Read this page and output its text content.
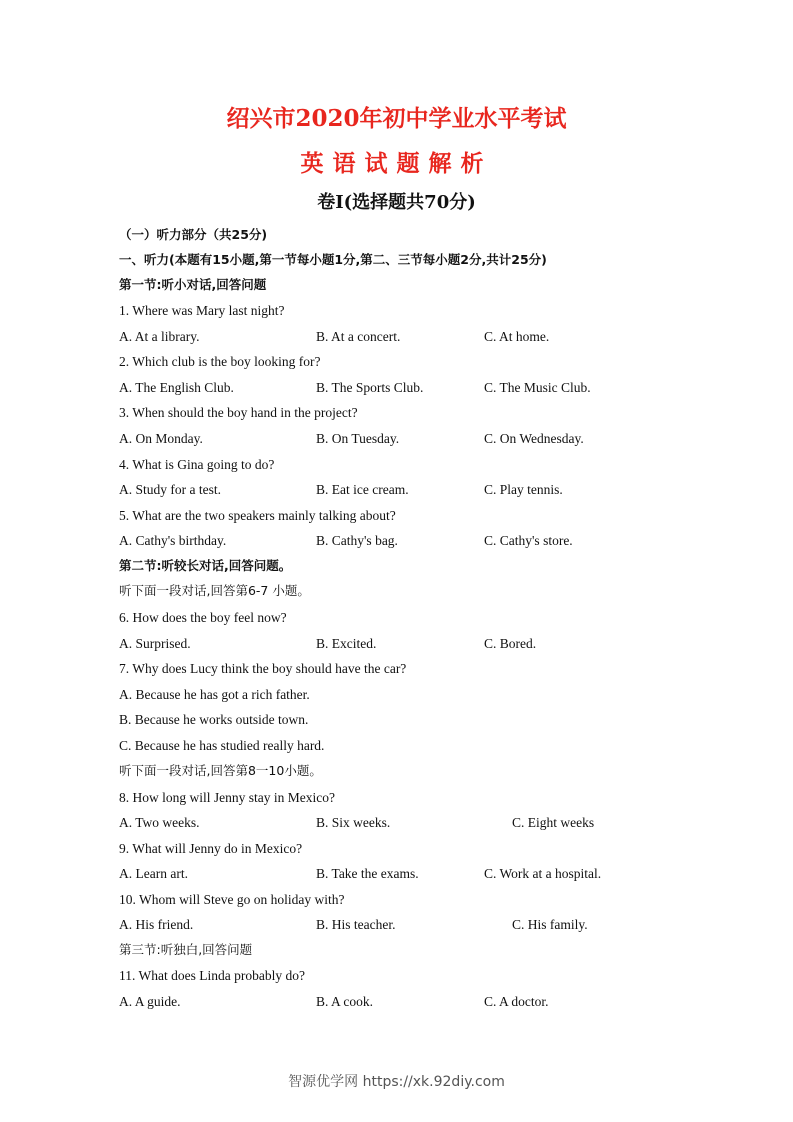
绍兴市2020年初中学业水平考试
英语试题解析
卷I(选择题共70分)
（一）听力部分（共25分)
一、听力(本题有15小题,第一节每小题1分,第二、三节每小题2分,共计25分)
第一节:听小对话,回答问题
1. Where was Mary last night?
A. At a library.	B. At a concert.	C. At home.
2. Which club is the boy looking for?
A. The English Club.	B. The Sports Club.	C. The Music Club.
3. When should the boy hand in the project?
A. On Monday.	B. On Tuesday.	C. On Wednesday.
4. What is Gina going to do?
A. Study for a test.	B. Eat ice cream.	C. Play tennis.
5. What are the two speakers mainly talking about?
A. Cathy's birthday.	B. Cathy's bag.	C. Cathy's store.
第二节:听较长对话,回答问题。
听下面一段对话,回答第6-7 小题。
6. How does the boy feel now?
A. Surprised.	B. Excited.	C. Bored.
7. Why does Lucy think the boy should have the car?
A. Because he has got a rich father.
B. Because he works outside town.
C. Because he has studied really hard.
听下面一段对话,回答第8一10小题。
8. How long will Jenny stay in Mexico?
A. Two weeks.	B. Six weeks.	C. Eight weeks
9. What will Jenny do in Mexico?
A. Learn art.	B. Take the exams.	C. Work at a hospital.
10. Whom will Steve go on holiday with?
A. His friend.	B. His teacher.	C. His family.
第三节:听独白,回答问题
11. What does Linda probably do?
A. A guide.	B. A cook.	C. A doctor.
智源优学网 https://xk.92diy.com
